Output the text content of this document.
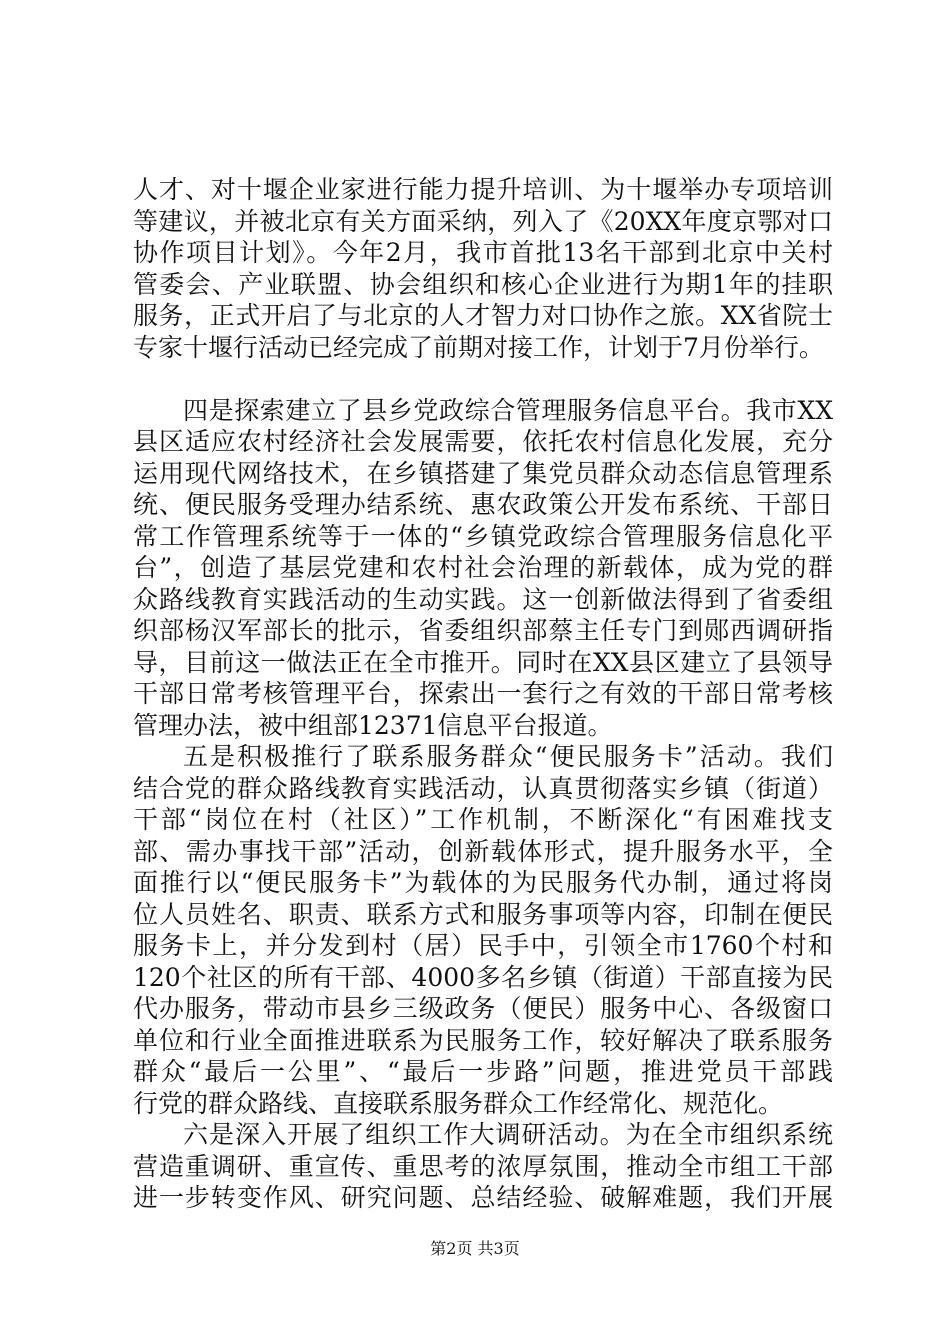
人才、对十堰企业家进行能力提升培训、为十堰举办专项培训
等建议，并被北京有关方面采纳，列入了《20XX年度京鄂对口
协作项目计划》。今年2月，我市首批13名干部到北京中关村
管委会、产业联盟、协会组织和核心企业进行为期1年的挂职
服务，正式开启了与北京的人才智力对口协作之旅。XX省院士
专家十堰行活动已经完成了前期对接工作，计划于7月份举行。
四是探索建立了县乡党政综合管理服务信息平台。我市XX
县区适应农村经济社会发展需要，依托农村信息化发展，充分
运用现代网络技术，在乡镇搭建了集党员群众动态信息管理系
统、便民服务受理办结系统、惠农政策公开发布系统、干部日
常工作管理系统等于一体的“乡镇党政综合管理服务信息化平
台”，创造了基层党建和农村社会治理的新载体，成为党的群
众路线教育实践活动的生动实践。这一创新做法得到了省委组
织部杨汉军部长的批示，省委组织部蔡主任专门到郧西调研指
导，目前这一做法正在全市推开。同时在XX县区建立了县领导
干部日常考核管理平台，探索出一套行之有效的干部日常考核
管理办法，被中组部12371信息平台报道。
五是积极推行了联系服务群众“便民服务卡”活动。我们
结合党的群众路线教育实践活动，认真贯彻落实乡镇（街道）
干部“岗位在村（社区）”工作机制，不断深化“有困难找支
部、需办事找干部”活动，创新载体形式，提升服务水平，全
面推行以“便民服务卡”为载体的为民服务代办制，通过将岗
位人员姓名、职责、联系方式和服务事项等内容，印制在便民
服务卡上，并分发到村（居）民手中，引领全市1760个村和
120个社区的所有干部、4000多名乡镇（街道）干部直接为民
代办服务，带动市县乡三级政务（便民）服务中心、各级窗口
单位和行业全面推进联系为民服务工作，较好解决了联系服务
群众“最后一公里”、“最后一步路”问题，推进党员干部践
行党的群众路线、直接联系服务群众工作经常化、规范化。
六是深入开展了组织工作大调研活动。为在全市组织系统
营造重调研、重宣传、重思考的浓厚氛围，推动全市组工干部
进一步转变作风、研究问题、总结经验、破解难题，我们开展
第2页 共3页
